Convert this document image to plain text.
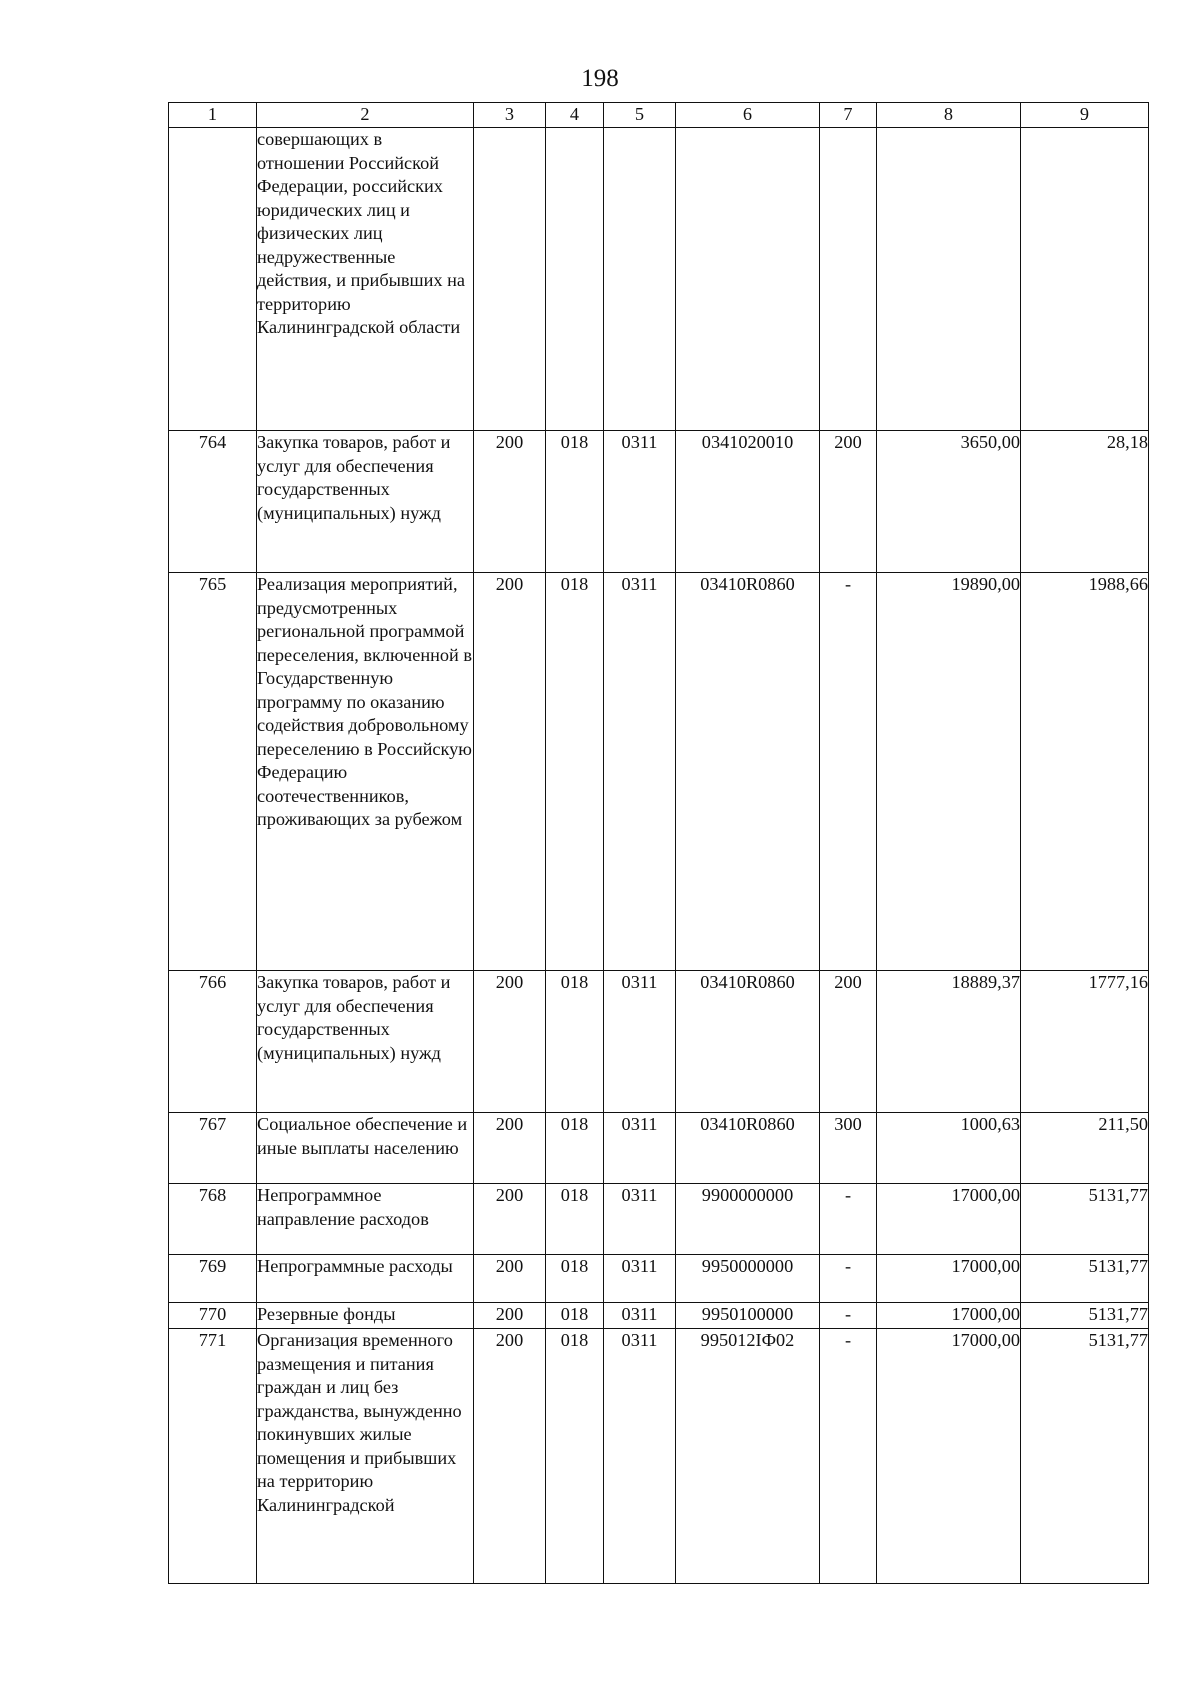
198
1	2	3	4	5	6	7	8	9
	совершающих в отношении Российской Федерации, российских юридических лиц и физических лиц недружественные действия, и прибывших на территорию Калининградской области							
764	Закупка товаров, работ и услуг для обеспечения государственных (муниципальных) нужд	200	018	0311	0341020010	200	3650,00	28,18
765	Реализация мероприятий, предусмотренных региональной программой переселения, включенной в Государственную программу по оказанию содействия добровольному переселению в Российскую Федерацию соотечественников, проживающих за рубежом	200	018	0311	03410R0860	-	19890,00	1988,66
766	Закупка товаров, работ и услуг для обеспечения государственных (муниципальных) нужд	200	018	0311	03410R0860	200	18889,37	1777,16
767	Социальное обеспечение и иные выплаты населению	200	018	0311	03410R0860	300	1000,63	211,50
768	Непрограммное направление расходов	200	018	0311	9900000000	-	17000,00	5131,77
769	Непрограммные расходы	200	018	0311	9950000000	-	17000,00	5131,77
770	Резервные фонды	200	018	0311	9950100000	-	17000,00	5131,77
771	Организация временного размещения и питания граждан и лиц без гражданства, вынужденно покинувших жилые помещения и прибывших на территорию Калининградской	200	018	0311	995012IФ02	-	17000,00	5131,77
